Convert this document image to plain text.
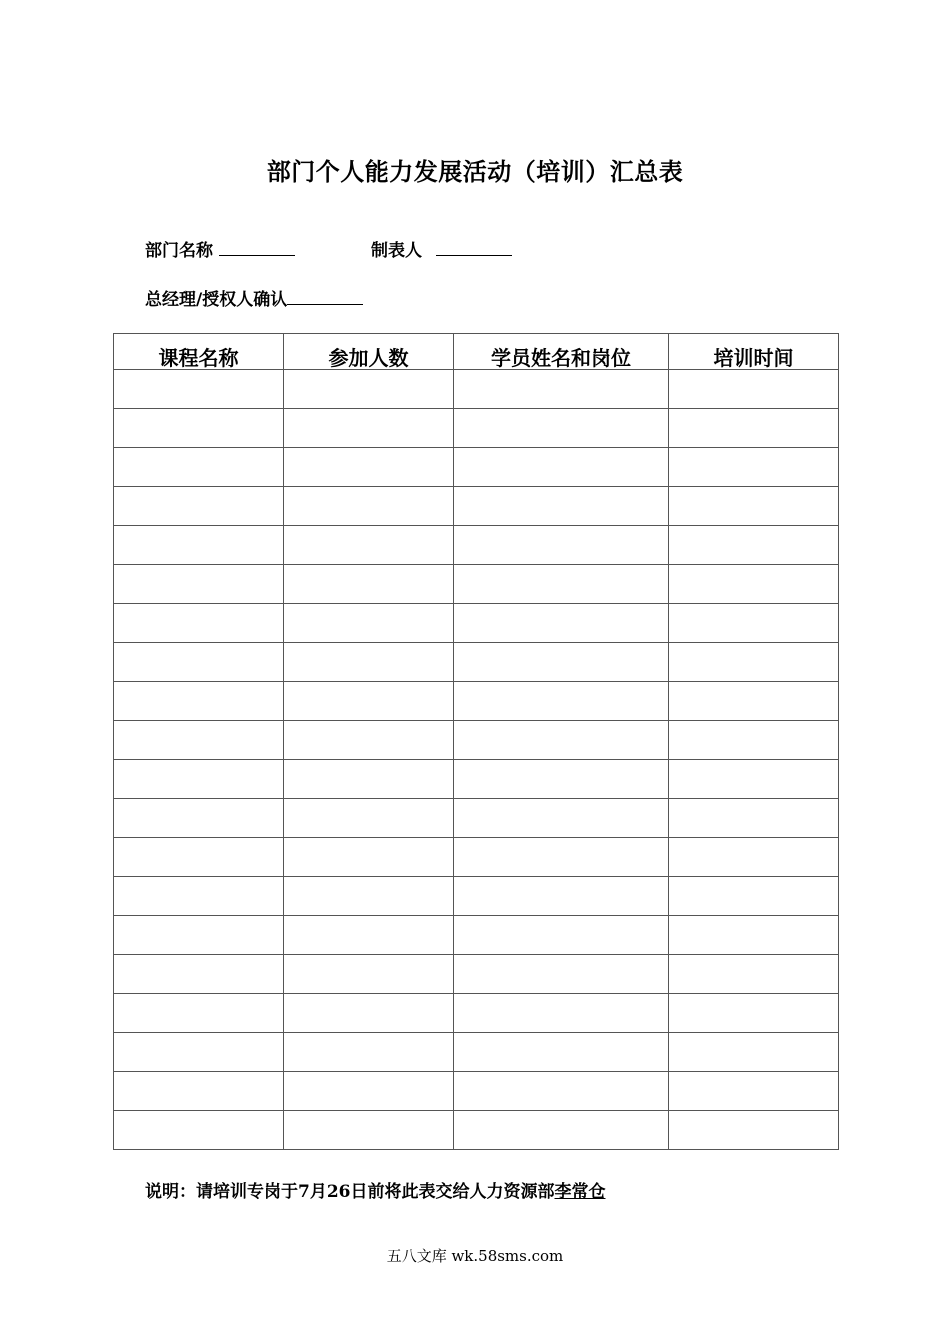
部门个人能力发展活动（培训）汇总表
部门名称	制表人
总经理/授权人确认
课程名称	参加人数	学员姓名和岗位	培训时间

说明：请培训专岗于7月26日前将此表交给人力资源部李常仓
五八文库 wk.58sms.com
